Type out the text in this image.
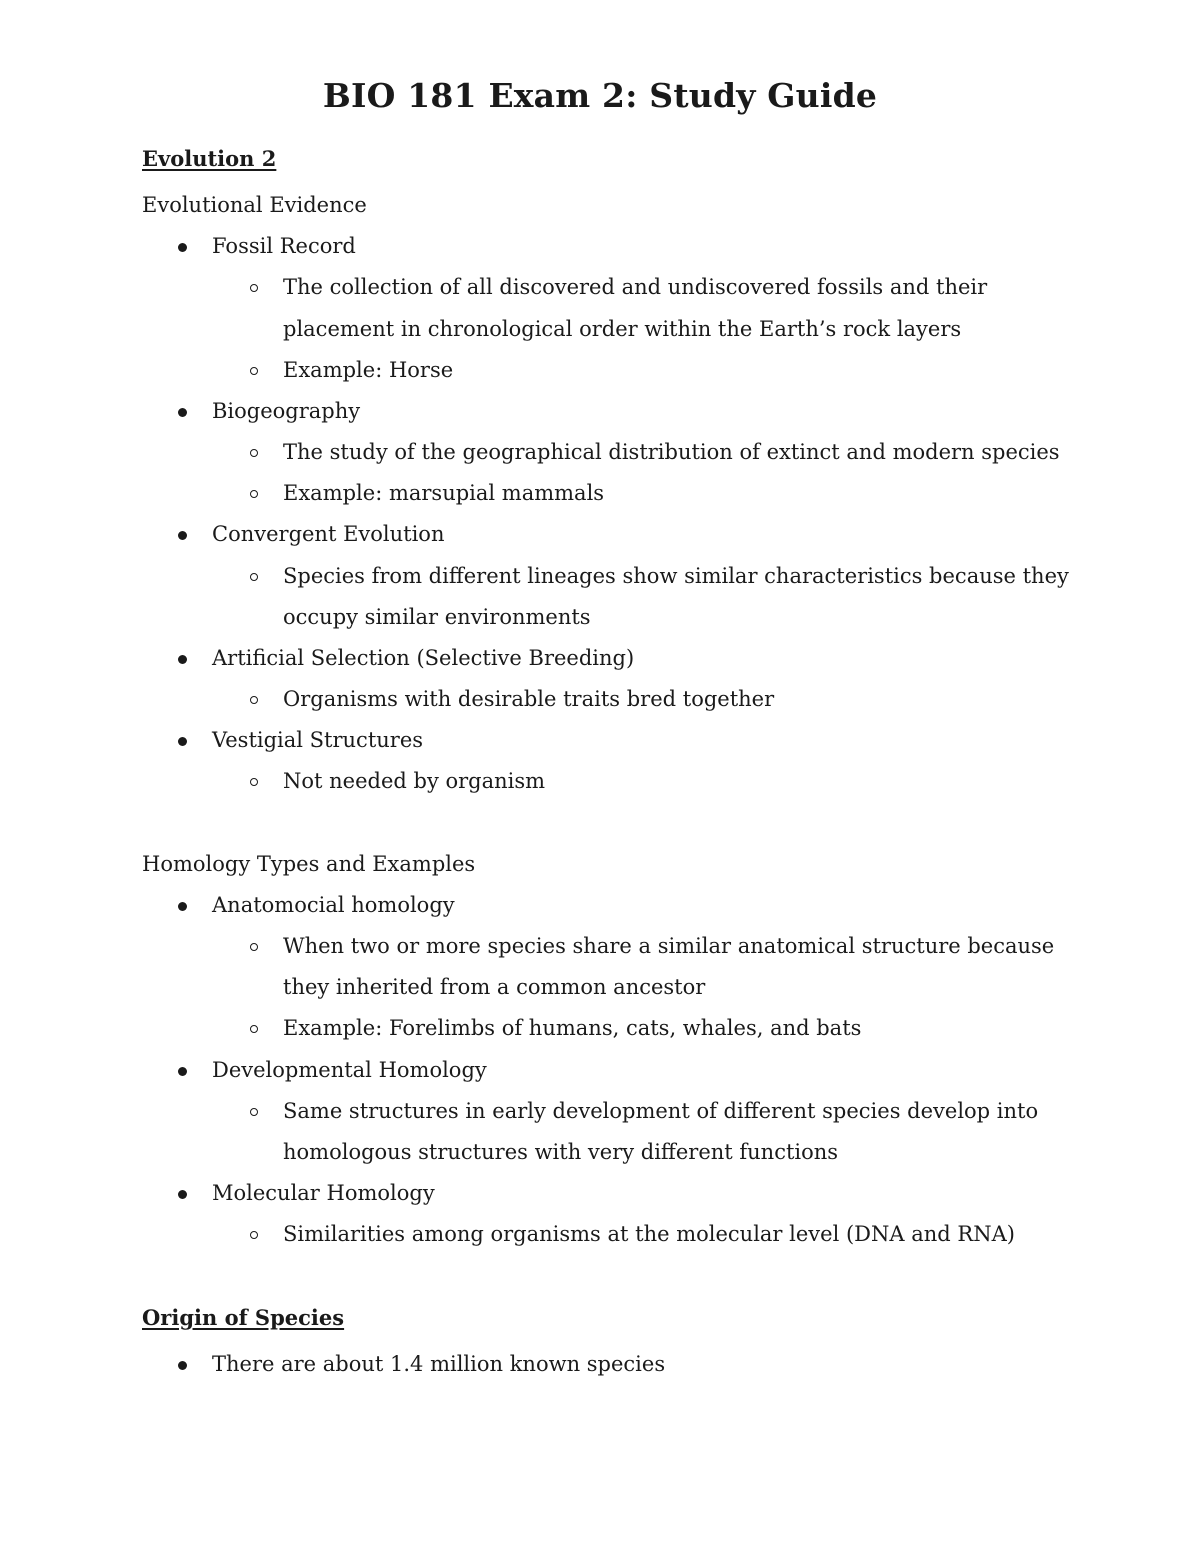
BIO 181 Exam 2: Study Guide
Evolution 2
Evolutional Evidence
Fossil Record
The collection of all discovered and undiscovered fossils and their
placement in chronological order within the Earth’s rock layers
Example: Horse
Biogeography
The study of the geographical distribution of extinct and modern species
Example: marsupial mammals
Convergent Evolution
Species from different lineages show similar characteristics because they
occupy similar environments
Artificial Selection (Selective Breeding)
Organisms with desirable traits bred together
Vestigial Structures
Not needed by organism
Homology Types and Examples
Anatomocial homology
When two or more species share a similar anatomical structure because
they inherited from a common ancestor
Example: Forelimbs of humans, cats, whales, and bats
Developmental Homology
Same structures in early development of different species develop into
homologous structures with very different functions
Molecular Homology
Similarities among organisms at the molecular level (DNA and RNA)
Origin of Species
There are about 1.4 million known species
